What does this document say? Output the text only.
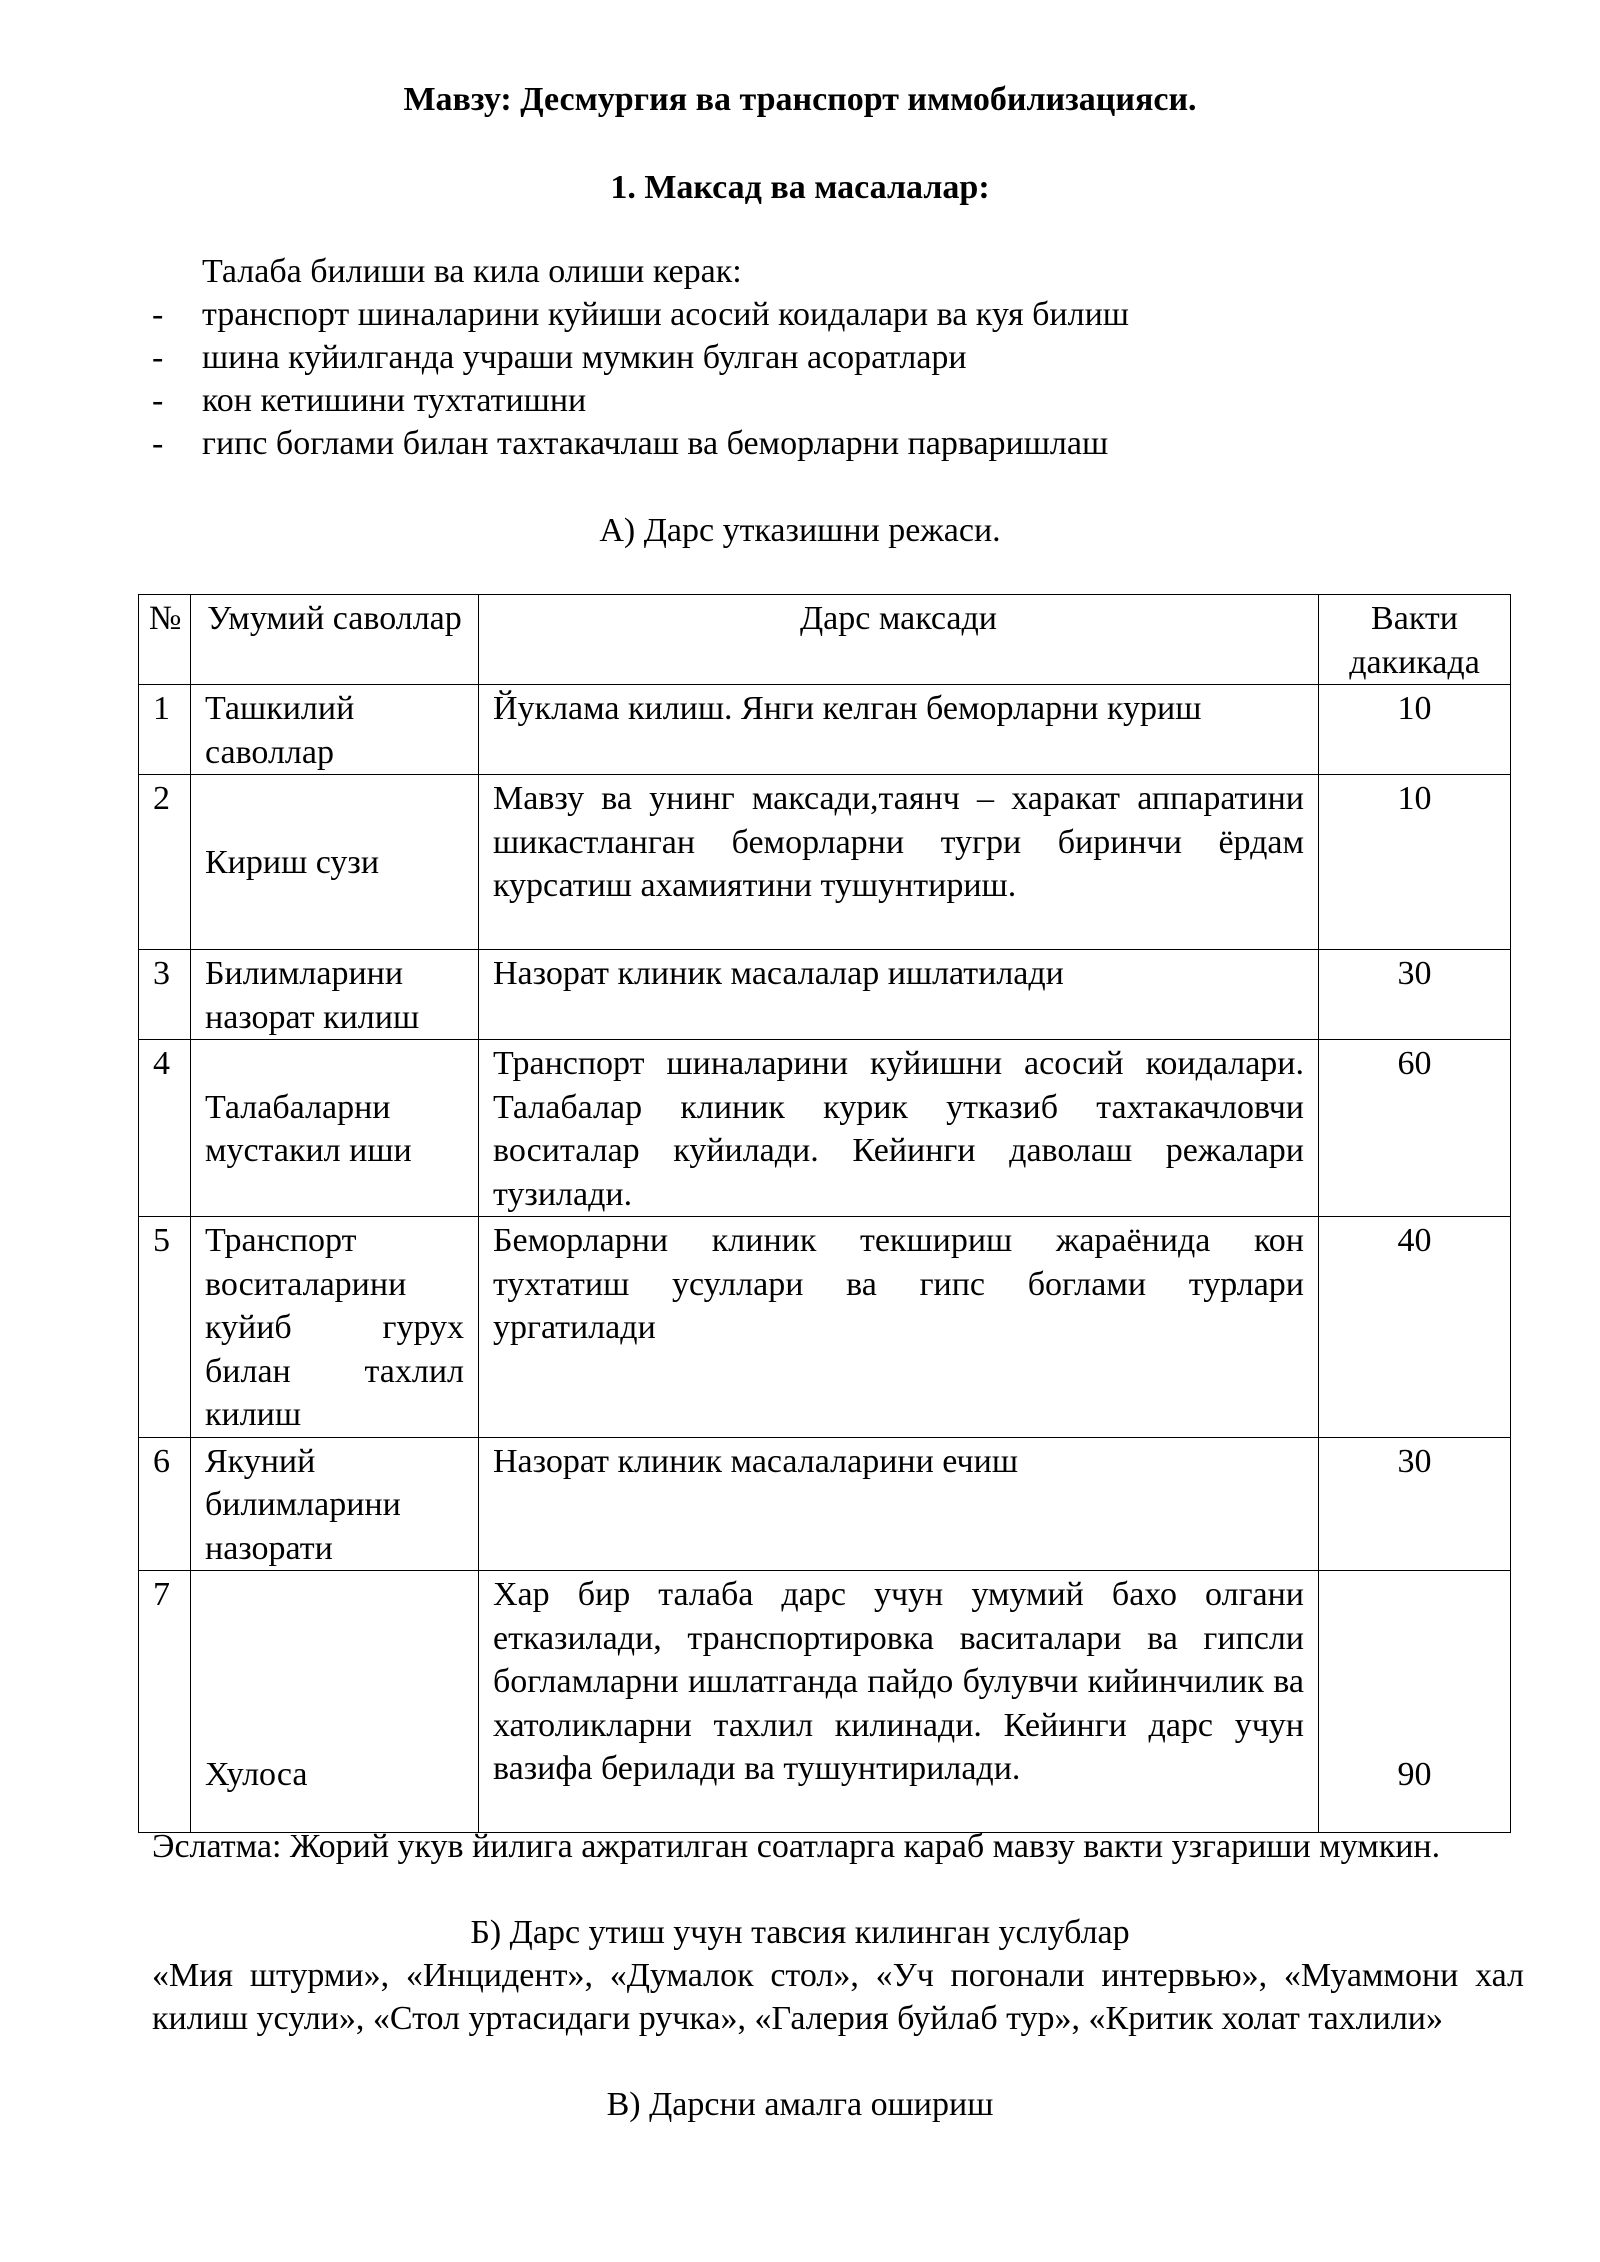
Мавзу: Десмургия ва транспорт иммобилизацияси.
1. Максад ва масалалар:
Талаба билиши ва кила олиши керак:
- транспорт шиналарини куйиши асосий коидалари ва куя билиш
- шина куйилганда учраши мумкин булган асоратлари
- кон кетишини тухтатишни
- гипс боглами билан тахтакачлаш ва беморларни парваришлаш
А) Дарс утказишни режаси.
№	Умумий саволлар	Дарс максади	Вакти дакикада
1	Ташкилий саволлар	Йуклама килиш. Янги келган беморларни куриш	10
2	Кириш сузи	Мавзу ва унинг максади,таянч – харакат аппаратини шикастланган беморларни тугри биринчи ёрдам курсатиш ахамиятини тушунтириш.	10
3	Билимларини назорат килиш	Назорат клиник масалалар ишлатилади	30
4	Талабаларни мустакил иши	Транспорт шиналарини куйишни асосий коидалари. Талабалар клиник курик утказиб тахтакачловчи воситалар куйилади. Кейинги даволаш режалари тузилади.	60
5	Транспорт воситаларини куйиб гурух билан тахлил килиш	Беморларни клиник текшириш жараёнида кон тухтатиш усуллари ва гипс боглами турлари ургатилади	40
6	Якуний билимларини назорати	Назорат клиник масалаларини ечиш	30
7	Хулоса	Хар бир талаба дарс учун умумий бахо олгани етказилади, транспортировка васиталари ва гипсли богламларни ишлатганда пайдо булувчи кийинчилик ва хатоликларни тахлил килинади. Кейинги дарс учун вазифа берилади ва тушунтирилади.	90
Эслатма: Жорий укув йилига ажратилган соатларга караб мавзу вакти узгариши мумкин.
Б) Дарс утиш учун тавсия килинган услублар
«Мия штурми», «Инцидент», «Думалок стол», «Уч погонали интервью», «Муаммони хал килиш усули», «Стол уртасидаги ручка», «Галерия буйлаб тур», «Критик холат тахлили»
В) Дарсни амалга ошириш
